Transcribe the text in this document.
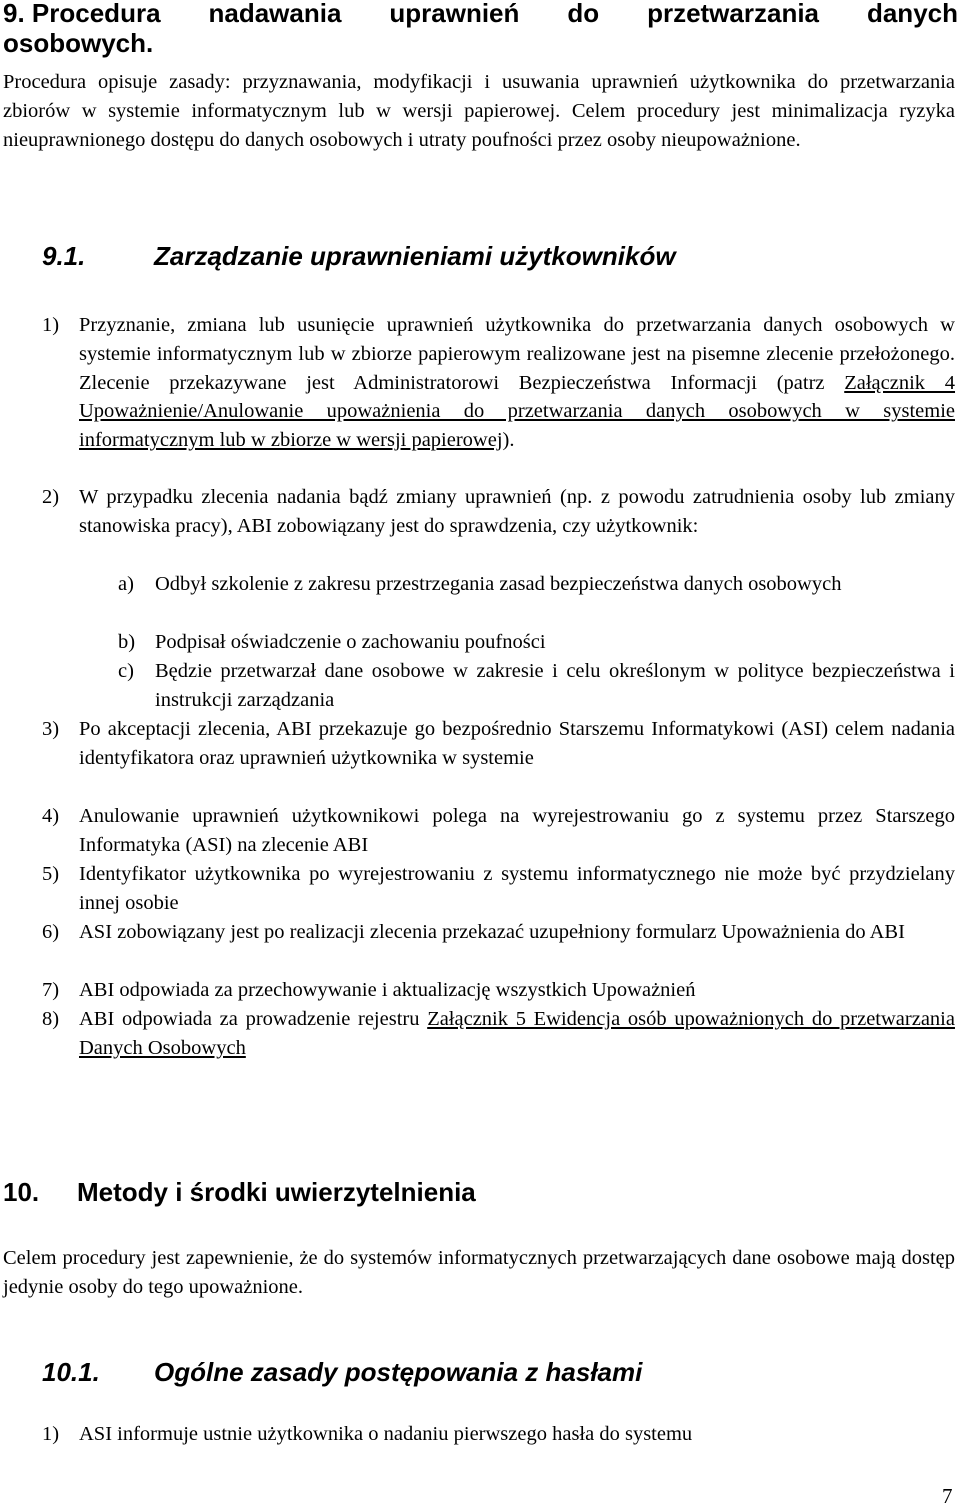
9. Procedura nadawania uprawnień do przetwarzania danych
osobowych.
Procedura opisuje zasady: przyznawania, modyfikacji i usuwania uprawnień użytkownika do przetwarzania zbiorów w systemie informatycznym lub w wersji papierowej. Celem procedury jest minimalizacja ryzyka nieuprawnionego dostępu do danych osobowych i utraty poufności przez osoby nieupoważnione.
9.1.	Zarządzanie uprawnieniami użytkowników
1) Przyznanie, zmiana lub usunięcie uprawnień użytkownika do przetwarzania danych osobowych w systemie informatycznym lub w zbiorze papierowym realizowane jest na pisemne zlecenie przełożonego. Zlecenie przekazywane jest Administratorowi Bezpieczeństwa Informacji (patrz Załącznik 4 Upoważnienie/Anulowanie upoważnienia do przetwarzania danych osobowych w systemie informatycznym lub w zbiorze w wersji papierowej).
2) W przypadku zlecenia nadania bądź zmiany uprawnień (np. z powodu zatrudnienia osoby lub zmiany stanowiska pracy), ABI zobowiązany jest do sprawdzenia, czy użytkownik:
a) Odbył szkolenie z zakresu przestrzegania zasad bezpieczeństwa danych osobowych
b) Podpisał oświadczenie o zachowaniu poufności
c) Będzie przetwarzał dane osobowe w zakresie i celu określonym w polityce bezpieczeństwa i instrukcji zarządzania
3) Po akceptacji zlecenia, ABI przekazuje go bezpośrednio Starszemu Informatykowi (ASI) celem nadania identyfikatora oraz uprawnień użytkownika w systemie
4) Anulowanie uprawnień użytkownikowi polega na wyrejestrowaniu go z systemu przez Starszego Informatyka (ASI) na zlecenie ABI
5) Identyfikator użytkownika po wyrejestrowaniu z systemu informatycznego nie może być przydzielany innej osobie
6) ASI zobowiązany jest po realizacji zlecenia przekazać uzupełniony formularz Upoważnienia do ABI
7) ABI odpowiada za przechowywanie i aktualizację wszystkich Upoważnień
8) ABI odpowiada za prowadzenie rejestru Załącznik 5 Ewidencja osób upoważnionych do przetwarzania Danych Osobowych
10. Metody i środki uwierzytelnienia
Celem procedury jest zapewnienie, że do systemów informatycznych przetwarzających dane osobowe mają dostęp jedynie osoby do tego upoważnione.
10.1. Ogólne zasady postępowania z hasłami
1) ASI informuje ustnie użytkownika o nadaniu pierwszego hasła do systemu
7
